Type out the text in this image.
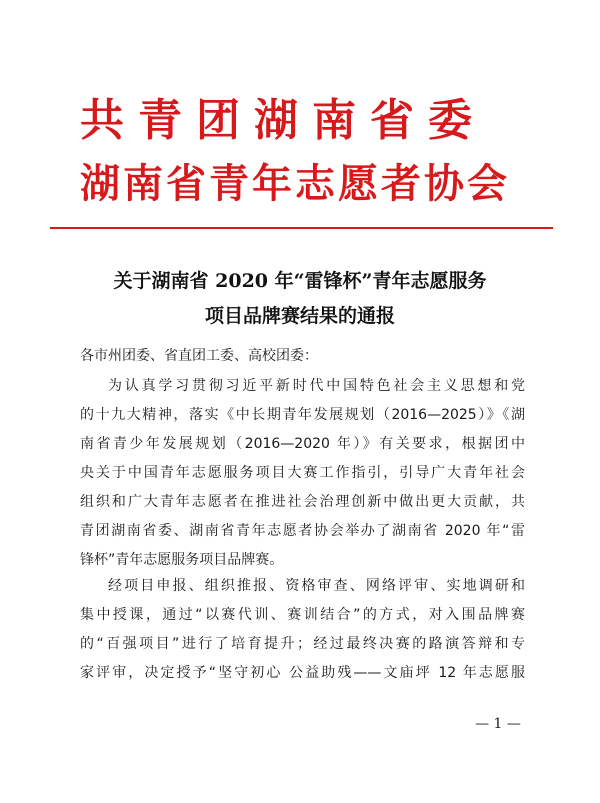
共青团湖南省委
湖南省青年志愿者协会
关于湖南省 2020 年“雷锋杯”青年志愿服务
项目品牌赛结果的通报
各市州团委、省直团工委、高校团委：
为认真学习贯彻习近平新时代中国特色社会主义思想和党
的十九大精神，落实《中长期青年发展规划（2016—2025）》《湖
南省青少年发展规划（2016—2020 年）》有关要求，根据团中
央关于中国青年志愿服务项目大赛工作指引，引导广大青年社会
组织和广大青年志愿者在推进社会治理创新中做出更大贡献，共
青团湖南省委、湖南省青年志愿者协会举办了湖南省 2020 年“雷
锋杯”青年志愿服务项目品牌赛。
经项目申报、组织推报、资格审查、网络评审、实地调研和
集中授课，通过“以赛代训、赛训结合”的方式，对入围品牌赛
的“百强项目”进行了培育提升；经过最终决赛的路演答辩和专
家评审，决定授予“坚守初心 公益助残——文庙坪 12 年志愿服
— 1 —
